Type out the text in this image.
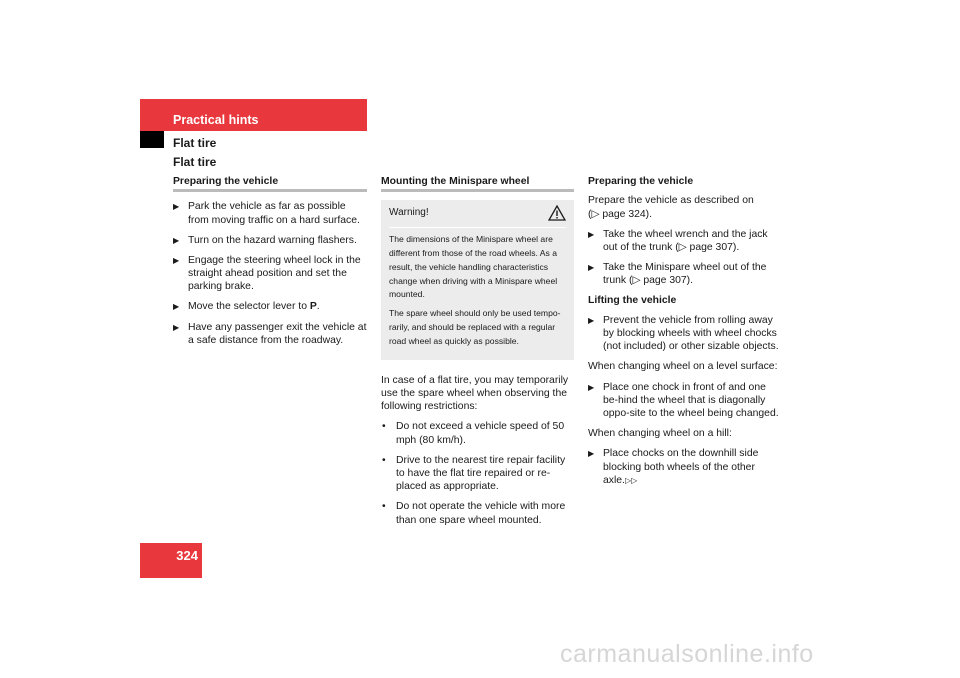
Practical hints
Flat tire
Flat tire
324
Preparing the vehicle
▶ Park the vehicle as far as possible from moving traffic on a hard surface.
▶ Turn on the hazard warning flashers.
▶ Engage the steering wheel lock in the straight ahead position and set the parking brake.
▶ Move the selector lever to P.
▶ Have any passenger exit the vehicle at a safe distance from the roadway.
Mounting the Minispare wheel
Warning!

The dimensions of the Minispare wheel are different from those of the road wheels. As a result, the vehicle handling characteristics change when driving with a Minispare wheel mounted.

The spare wheel should only be used tempo-rarily, and should be replaced with a regular road wheel as quickly as possible.

In case of a flat tire, you may temporarily use the spare wheel when observing the following restrictions:

• Do not exceed a vehicle speed of 50 mph (80 km/h).
• Drive to the nearest tire repair facility to have the flat tire repaired or re-placed as appropriate.
• Do not operate the vehicle with more than one spare wheel mounted.
Preparing the vehicle

Prepare the vehicle as described on
(▷ page 324).

▶ Take the wheel wrench and the jack out of the trunk (▷ page 307).
▶ Take the Minispare wheel out of the trunk (▷ page 307).
Lifting the vehicle
▶ Prevent the vehicle from rolling away by blocking wheels with wheel chocks (not included) or other sizable objects.

When changing wheel on a level surface:

▶ Place one chock in front of and one be-hind the wheel that is diagonally oppo-site to the wheel being changed.

When changing wheel on a hill:

▶ Place chocks on the downhill side blocking both wheels of the other axle.▷▷
carmanualsonline.info
